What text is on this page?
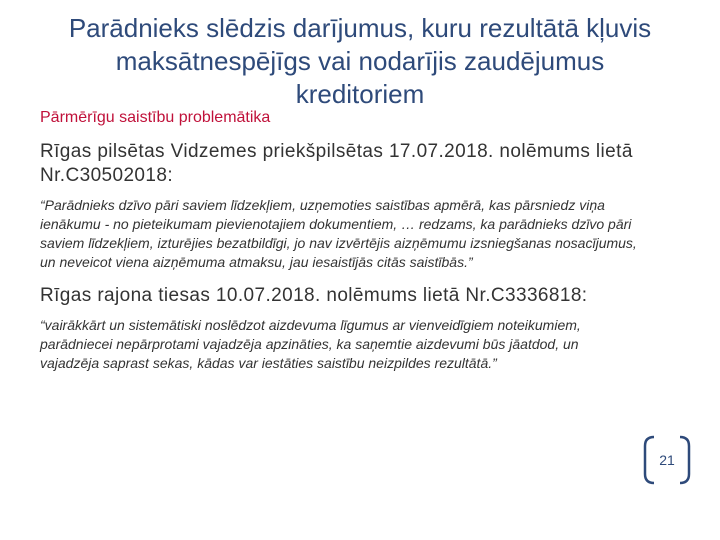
Parādnieks slēdzis darījumus, kuru rezultātā kļuvis maksātnespējīgs vai nodarījis zaudējumus kreditoriem
Pārmērīgu saistību problemātika
Rīgas pilsētas Vidzemes priekšpilsētas 17.07.2018. nolēmums lietā Nr.C30502018:
“Parādnieks dzīvo pāri saviem līdzekļiem, uzņemoties saistības apmērā, kas pārsniedz viņa ienākumu - no pieteikumam pievienotajiem dokumentiem, … redzams, ka parādnieks dzīvo pāri saviem līdzekļiem, izturējies bezatbildīgi, jo nav izvērtējis aizņēmumu izsniegšanas nosacījumus, un neveicot viena aizņēmuma atmaksu, jau iesaistījās citās saistībās.”
Rīgas rajona tiesas 10.07.2018. nolēmums lietā Nr.C3336818:
“vairākkārt un sistemātiski noslēdzot aizdevuma līgumus ar vienveidīgiem noteikumiem, parādniecei nepārprotami vajadzēja apzināties, ka saņemtie aizdevumi būs jāatdod, un vajadzēja saprast sekas, kādas var iestāties saistību neizpildes rezultātā.”
21
